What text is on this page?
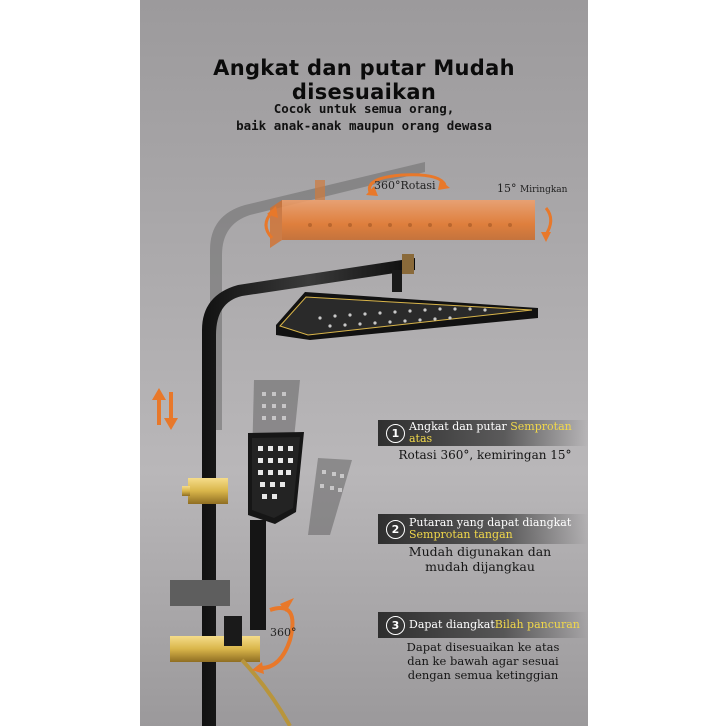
Angkat dan putar Mudah disesuaikan
Cocok untuk semua orang,
baik anak-anak maupun orang dewasa
360°Rotasi	15° Miringkan
360°
1 Angkat dan putar Semprotan atas
Rotasi 360°, kemiringan 15°
2 Putaran yang dapat diangkat
Semprotan tangan
Mudah digunakan dan
mudah dijangkau
3 Dapat diangkatBilah pancuran
Dapat disesuaikan ke atas
dan ke bawah agar sesuai
dengan semua ketinggian
